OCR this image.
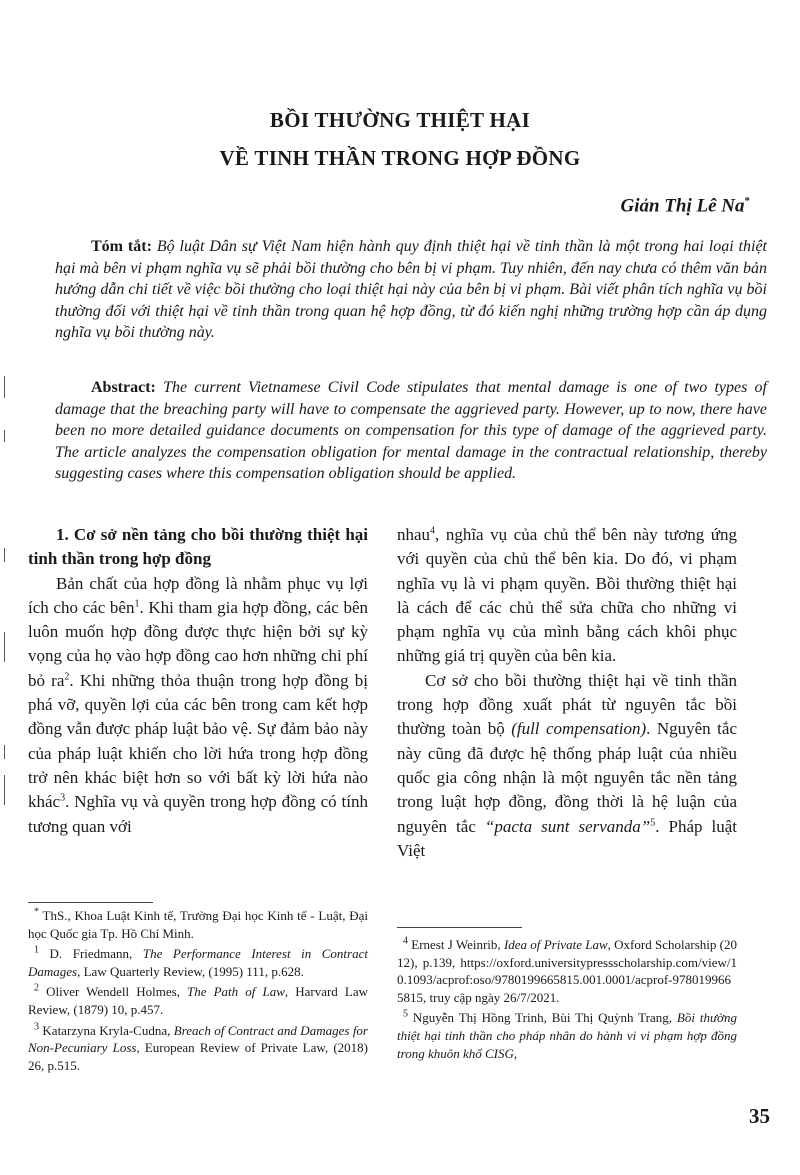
BỒI THƯỜNG THIỆT HẠI
VỀ TINH THẦN TRONG HỢP ĐỒNG
Giản Thị Lê Na*

Tóm tắt: Bộ luật Dân sự Việt Nam hiện hành quy định thiệt hại về tinh thần là một trong hai loại thiệt hại mà bên vi phạm nghĩa vụ sẽ phải bồi thường cho bên bị vi phạm. Tuy nhiên, đến nay chưa có thêm văn bản hướng dẫn chi tiết về việc bồi thường cho loại thiệt hại này của bên bị vi phạm. Bài viết phân tích nghĩa vụ bồi thường đối với thiệt hại về tinh thần trong quan hệ hợp đồng, từ đó kiến nghị những trường hợp cần áp dụng nghĩa vụ bồi thường này.

Abstract: The current Vietnamese Civil Code stipulates that mental damage is one of two types of damage that the breaching party will have to compensate the aggrieved party. However, up to now, there have been no more detailed guidance documents on compensation for this type of damage of the aggrieved party. The article analyzes the compensation obligation for mental damage in the contractual relationship, thereby suggesting cases where this compensation obligation should be applied.

1. Cơ sở nền tảng cho bồi thường thiệt hại tinh thần trong hợp đồng

Bản chất của hợp đồng là nhằm phục vụ lợi ích cho các bên$^1$. Khi tham gia hợp đồng, các bên luôn muốn hợp đồng được thực hiện bởi sự kỳ vọng của họ vào hợp đồng cao hơn những chi phí bỏ $ra^2$. Khi những thỏa thuận trong hợp đồng bị phá vỡ, quyền lợi của các bên trong cam kết hợp đồng vẫn được pháp luật bảo vệ. Sự đảm bảo này của pháp luật khiến cho lời hứa trong hợp đồng trở nên khác biệt hơn so với bất kỳ lời hứa nào khác$^3$. Nghĩa vụ và quyền trong hợp đồng có tính tương quan với

nhau$^4$, nghĩa vụ của chủ thể bên này tương ứng với quyền của chủ thể bên kia. Do đó, vi phạm nghĩa vụ là vi phạm quyền. Bồi thường thiệt hại là cách để các chủ thể sửa chữa cho những vi phạm nghĩa vụ của mình bằng cách khôi phục những giá trị quyền của bên kia.

Cơ sở cho bồi thường thiệt hại về tinh thần trong hợp đồng xuất phát từ nguyên tắc bồi thường toàn bộ (full compensation). Nguyên tắc này cũng đã được hệ thống pháp luật của nhiều quốc gia công nhận là một nguyên tắc nền tảng trong luật hợp đồng, đồng thời là hệ luận của nguyên tắc “pacta sunt servanda”$^5$. Pháp luật Việt

* ThS., Khoa Luật Kinh tế, Trường Đại học Kinh tế - Luật, Đại học Quốc gia Tp. Hồ Chí Minh.

$^1$ D. Friedmann, The Performance Interest in Contract Damages, Law Quarterly Review, (1995) 111, p.628.

$^2$ Oliver Wendell Holmes, The Path of Law, Harvard Law Review, (1879) 10, p.457.

$^3$ Katarzyna Kryla-Cudna, Breach of Contract and Damages for Non-Pecuniary Loss, European Review of Private Law, (2018) 26, p.515.

$^4$ Ernest J Weinrib, Idea of Private Law, Oxford Scholarship (2012), p.139, https://oxford.universitypressscholarship.com/view/10.1093/acprof:oso/9780199665815.001.0001/acprof-9780199665815, truy cập ngày 26/7/2021.

$^5$ Nguyễn Thị Hồng Trinh, Bùi Thị Quỳnh Trang, Bồi thường thiệt hại tinh thần cho pháp nhân do hành vi vi phạm hợp đồng trong khuôn khổ CISG,

35
